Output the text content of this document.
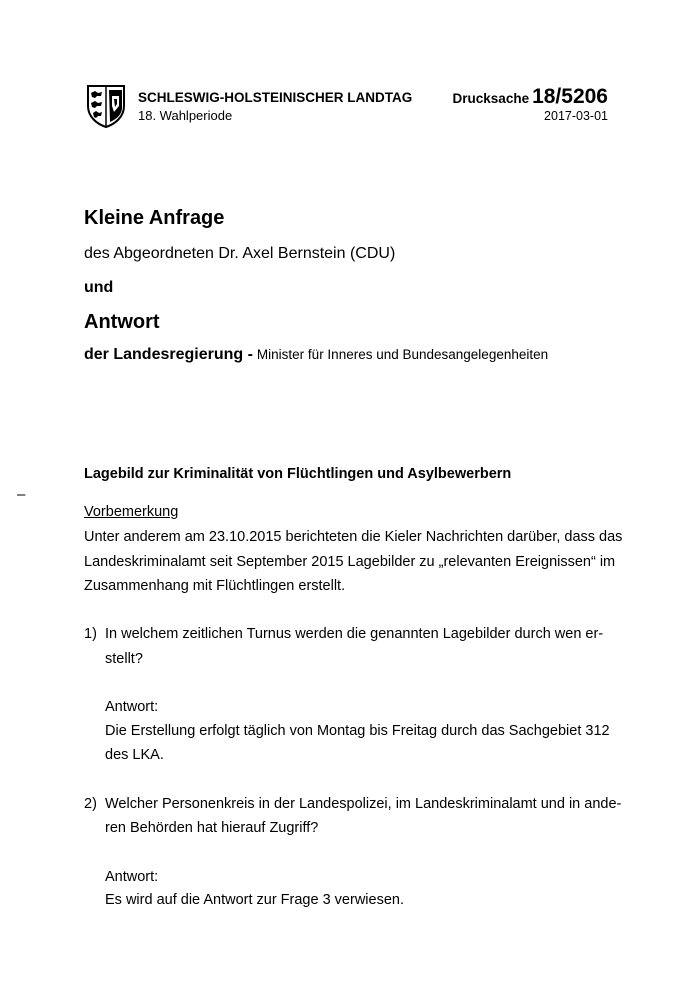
SCHLESWIG-HOLSTEINISCHER LANDTAG
18. Wahlperiode
Drucksache 18/5206
2017-03-01
Kleine Anfrage
des Abgeordneten Dr. Axel Bernstein (CDU)
und
Antwort
der Landesregierung - Minister für Inneres und Bundesangelegenheiten
Lagebild zur Kriminalität von Flüchtlingen und Asylbewerbern
–
Vorbemerkung
Unter anderem am 23.10.2015 berichteten die Kieler Nachrichten darüber, dass das
Landeskriminalamt seit September 2015 Lagebilder zu „relevanten Ereignissen“ im
Zusammenhang mit Flüchtlingen erstellt.
1) In welchem zeitlichen Turnus werden die genannten Lagebilder durch wen er-
stellt?
Antwort:
Die Erstellung erfolgt täglich von Montag bis Freitag durch das Sachgebiet 312
des LKA.
2) Welcher Personenkreis in der Landespolizei, im Landeskriminalamt und in ande-
ren Behörden hat hierauf Zugriff?
Antwort:
Es wird auf die Antwort zur Frage 3 verwiesen.
